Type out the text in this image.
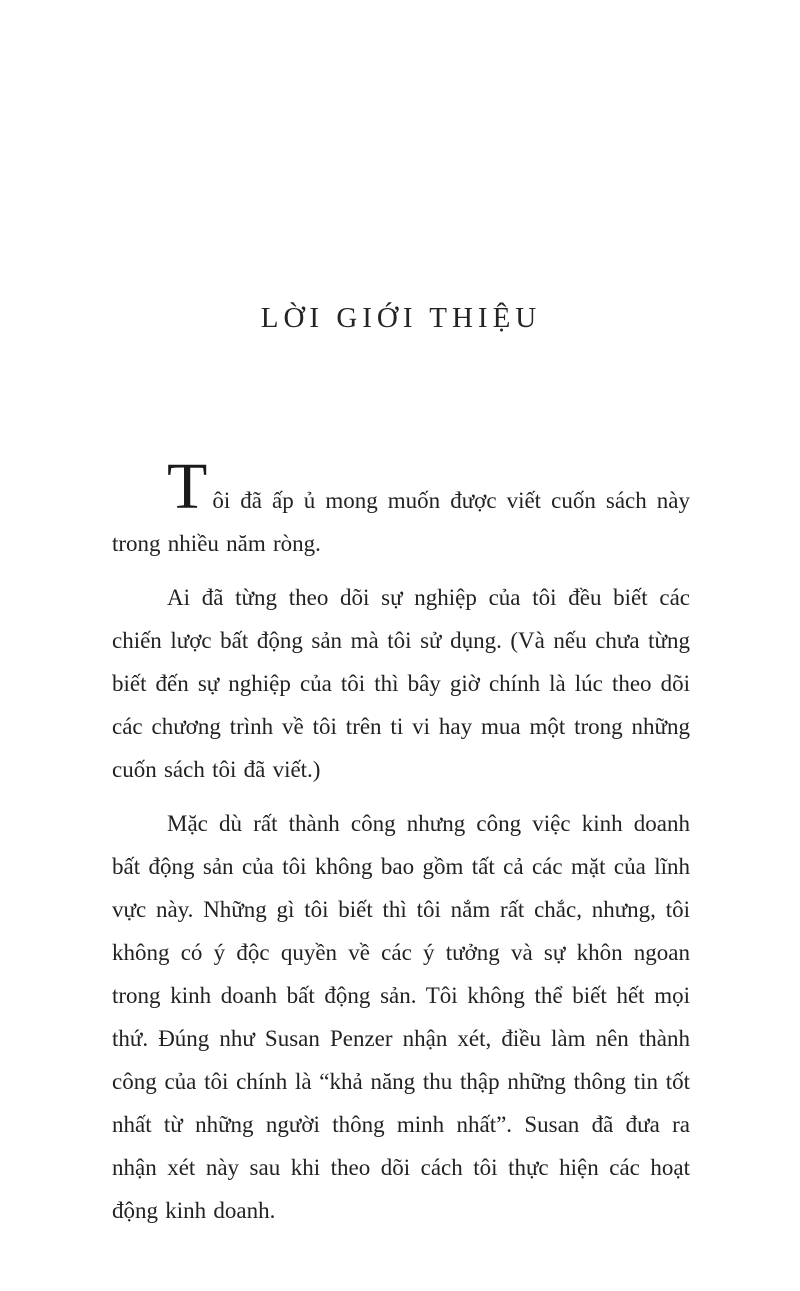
LỜI GIỚI THIỆU

Tôi đã ấp ủ mong muốn được viết cuốn sách này trong nhiều năm ròng.

Ai đã từng theo dõi sự nghiệp của tôi đều biết các chiến lược bất động sản mà tôi sử dụng. (Và nếu chưa từng biết đến sự nghiệp của tôi thì bây giờ chính là lúc theo dõi các chương trình về tôi trên ti vi hay mua một trong những cuốn sách tôi đã viết.)

Mặc dù rất thành công nhưng công việc kinh doanh bất động sản của tôi không bao gồm tất cả các mặt của lĩnh vực này. Những gì tôi biết thì tôi nắm rất chắc, nhưng, tôi không có ý độc quyền về các ý tưởng và sự khôn ngoan trong kinh doanh bất động sản. Tôi không thể biết hết mọi thứ. Đúng như Susan Penzer nhận xét, điều làm nên thành công của tôi chính là “khả năng thu thập những thông tin tốt nhất từ những người thông minh nhất”. Susan đã đưa ra nhận xét này sau khi theo dõi cách tôi thực hiện các hoạt động kinh doanh.
